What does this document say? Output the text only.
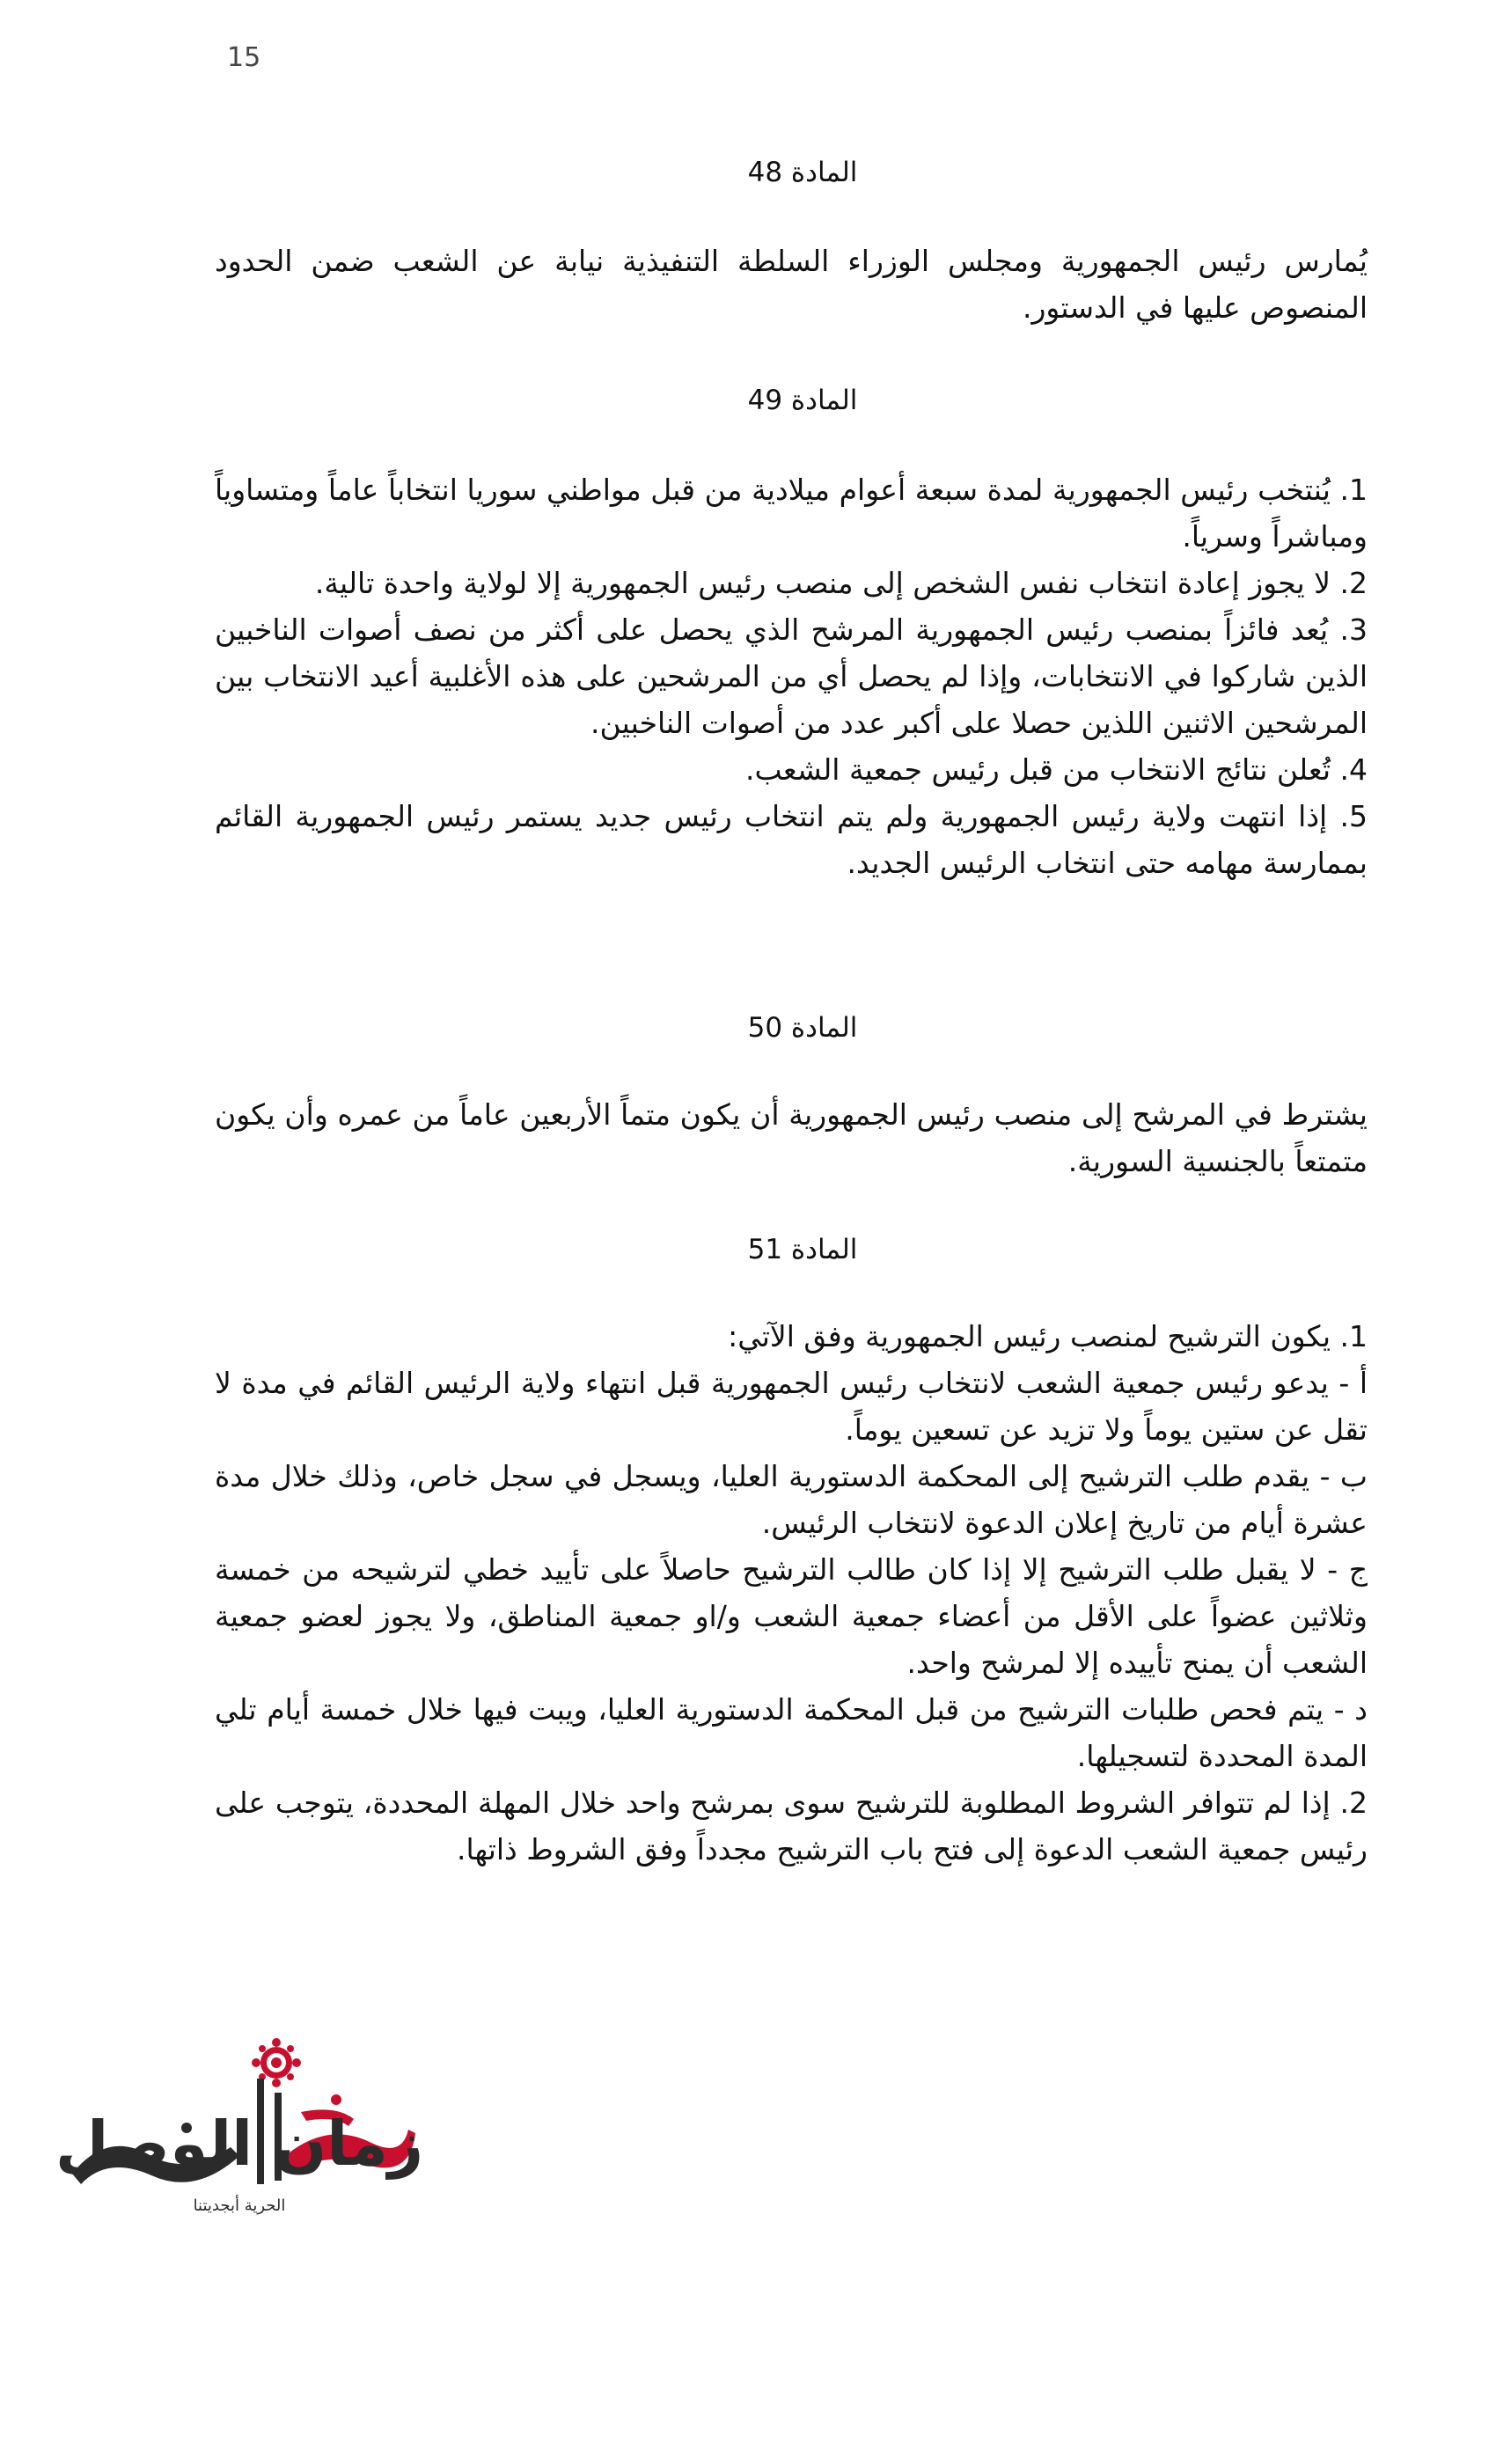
15
المادة 48

يُمارس رئيس الجمهورية ومجلس الوزراء السلطة التنفيذية نيابة عن الشعب ضمن الحدود المنصوص عليها في الدستور.

المادة 49

1. يُنتخب رئيس الجمهورية لمدة سبعة أعوام ميلادية من قبل مواطني سوريا انتخاباً عاماً ومتساوياً ومباشراً وسرياً.

2. لا يجوز إعادة انتخاب نفس الشخص إلى منصب رئيس الجمهورية إلا لولاية واحدة تالية.

3. يُعد فائزاً بمنصب رئيس الجمهورية المرشح الذي يحصل على أكثر من نصف أصوات الناخبين الذين شاركوا في الانتخابات، وإذا لم يحصل أي من المرشحين على هذه الأغلبية أعيد الانتخاب بين المرشحين الاثنين اللذين حصلا على أكبر عدد من أصوات الناخبين.

4. تُعلن نتائج الانتخاب من قبل رئيس جمعية الشعب.

5. إذا انتهت ولاية رئيس الجمهورية ولم يتم انتخاب رئيس جديد يستمر رئيس الجمهورية القائم بممارسة مهامه حتى انتخاب الرئيس الجديد.

المادة 50

يشترط في المرشح إلى منصب رئيس الجمهورية أن يكون متماً الأربعين عاماً من عمره وأن يكون متمتعاً بالجنسية السورية.

المادة 51

1. يكون الترشيح لمنصب رئيس الجمهورية وفق الآتي:

أ - يدعو رئيس جمعية الشعب لانتخاب رئيس الجمهورية قبل انتهاء ولاية الرئيس القائم في مدة لا تقل عن ستين يوماً ولا تزيد عن تسعين يوماً.

ب - يقدم طلب الترشيح إلى المحكمة الدستورية العليا، ويسجل في سجل خاص، وذلك خلال مدة عشرة أيام من تاريخ إعلان الدعوة لانتخاب الرئيس.

ج - لا يقبل طلب الترشيح إلا إذا كان طالب الترشيح حاصلاً على تأييد خطي لترشيحه من خمسة وثلاثين عضواً على الأقل من أعضاء جمعية الشعب و/او جمعية المناطق، ولا يجوز لعضو جمعية الشعب أن يمنح تأييده إلا لمرشح واحد.

د - يتم فحص طلبات الترشيح من قبل المحكمة الدستورية العليا، ويبت فيها خلال خمسة أيام تلي المدة المحددة لتسجيلها.

2. إذا لم تتوافر الشروط المطلوبة للترشيح سوى بمرشح واحد خلال المهلة المحددة، يتوجب على رئيس جمعية الشعب الدعوة إلى فتح باب الترشيح مجدداً وفق الشروط ذاتها.

زمان الوصل
الحرية أبجديتنا
